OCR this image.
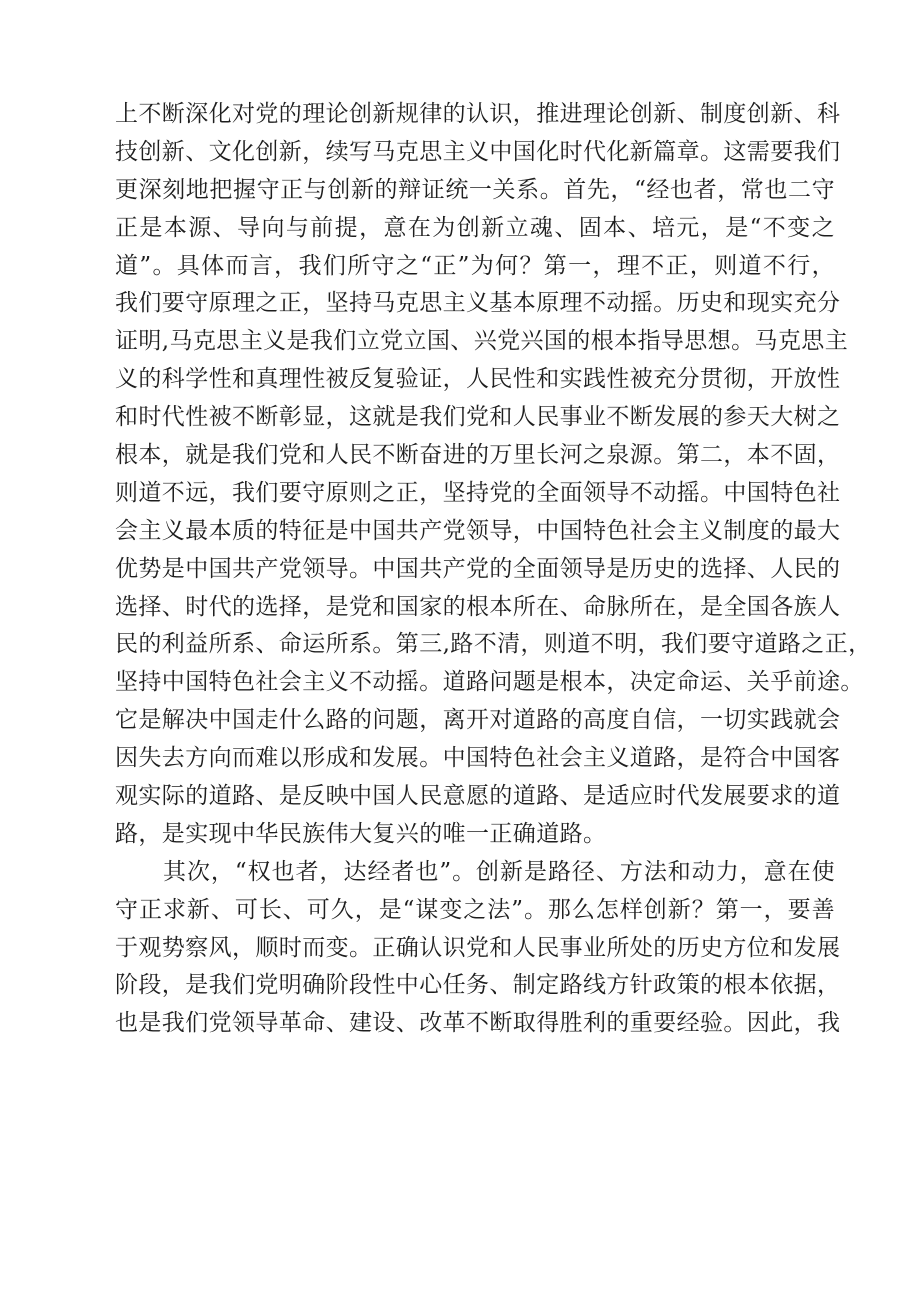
上不断深化对党的理论创新规律的认识，推进理论创新、制度创新、科
技创新、文化创新，续写马克思主义中国化时代化新篇章。这需要我们
更深刻地把握守正与创新的辩证统一关系。首先，“经也者，常也二守
正是本源、导向与前提，意在为创新立魂、固本、培元，是“不变之
道”。具体而言，我们所守之“正”为何？第一，理不正，则道不行，
我们要守原理之正，坚持马克思主义基本原理不动摇。历史和现实充分
证明,马克思主义是我们立党立国、兴党兴国的根本指导思想。马克思主
义的科学性和真理性被反复验证，人民性和实践性被充分贯彻，开放性
和时代性被不断彰显，这就是我们党和人民事业不断发展的参天大树之
根本，就是我们党和人民不断奋进的万里长河之泉源。第二，本不固，
则道不远，我们要守原则之正，坚持党的全面领导不动摇。中国特色社
会主义最本质的特征是中国共产党领导，中国特色社会主义制度的最大
优势是中国共产党领导。中国共产党的全面领导是历史的选择、人民的
选择、时代的选择，是党和国家的根本所在、命脉所在，是全国各族人
民的利益所系、命运所系。第三,路不清，则道不明，我们要守道路之正，
坚持中国特色社会主义不动摇。道路问题是根本，决定命运、关乎前途。
它是解决中国走什么路的问题，离开对道路的高度自信，一切实践就会
因失去方向而难以形成和发展。中国特色社会主义道路，是符合中国客
观实际的道路、是反映中国人民意愿的道路、是适应时代发展要求的道
路，是实现中华民族伟大复兴的唯一正确道路。
其次，“权也者，达经者也”。创新是路径、方法和动力，意在使
守正求新、可长、可久，是“谋变之法”。那么怎样创新？第一，要善
于观势察风，顺时而变。正确认识党和人民事业所处的历史方位和发展
阶段，是我们党明确阶段性中心任务、制定路线方针政策的根本依据，
也是我们党领导革命、建设、改革不断取得胜利的重要经验。因此，我
